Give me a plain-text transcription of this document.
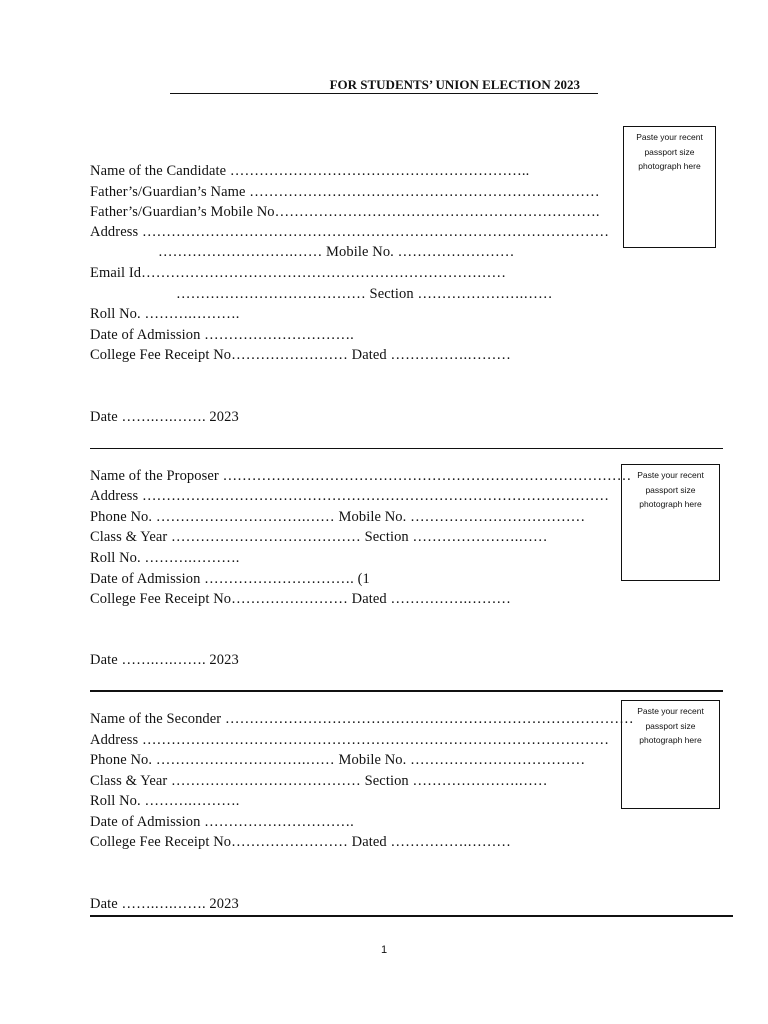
FOR STUDENTS’ UNION ELECTION 2023
Paste your recent
passport size
photograph here
Name of the Candidate ……………………………………………………..
Father’s/Guardian’s Name ………………………………………………………………
Father’s/Guardian’s Mobile No………………………………………………………….
Address ……………………………………………………………………………………
……………………….…… Mobile No. ……………………
Email Id…………………………………………………………………
………………………………… Section ………………….……
Roll No. ……….……….
Date of Admission ………………………….
College Fee Receipt No…………………… Dated …………….………
Date …….….……. 2023
Paste your recent
passport size
photograph here
Name of the Proposer …………………………………………………………………………
Address ……………………………………………………………………………………
Phone No. ………………………….…… Mobile No. ………………………………
Class & Year ………………………………… Section ………………….……
Roll No. ……….……….
Date of Admission …………………………. (1
College Fee Receipt No…………………… Dated …………….………
Date …….….……. 2023
Paste your recent
passport size
photograph here
Name of the Seconder …………………………………………………………………………
Address ……………………………………………………………………………………
Phone No. ………………………….…… Mobile No. ………………………………
Class & Year ………………………………… Section ………………….……
Roll No. ……….……….
Date of Admission ………………………….
College Fee Receipt No…………………… Dated …………….………
Date …….….……. 2023
1
